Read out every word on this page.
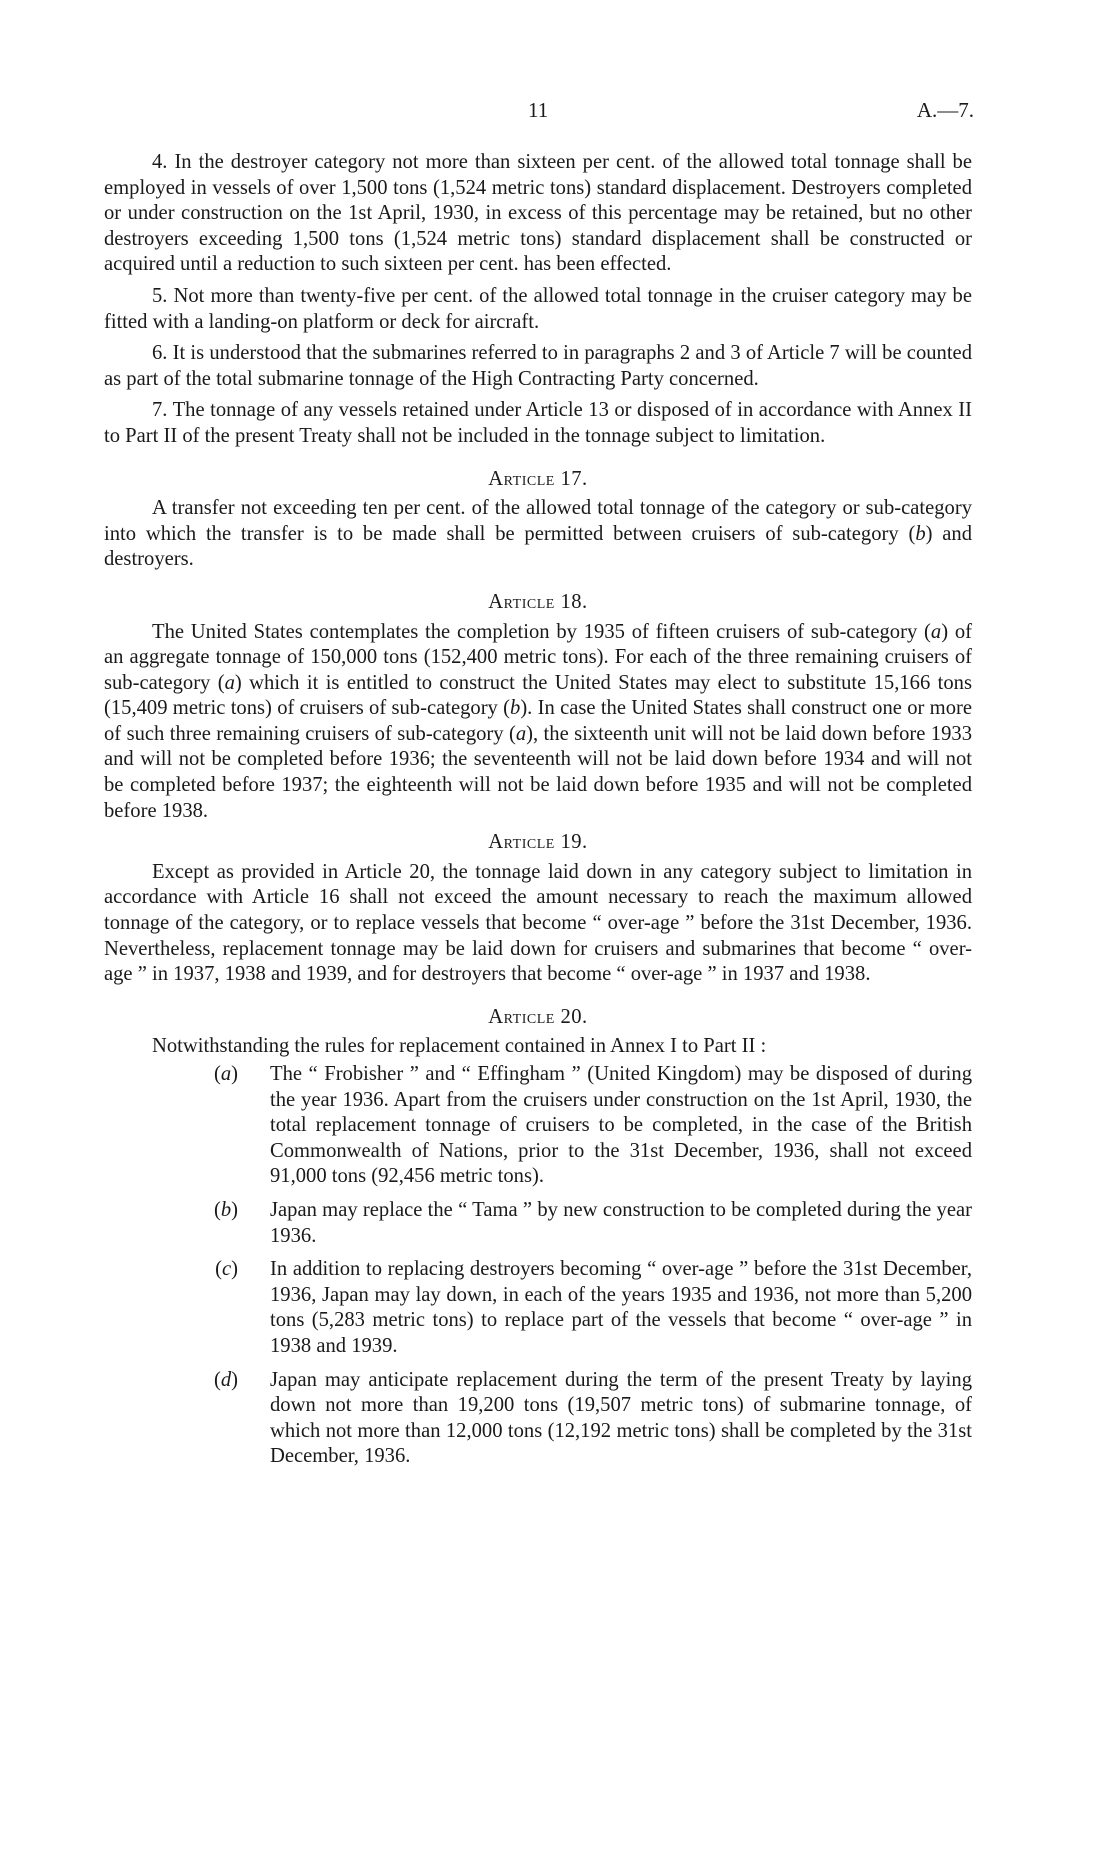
11	A.—7.

4. In the destroyer category not more than sixteen per cent. of the allowed total tonnage shall be employed in vessels of over 1,500 tons (1,524 metric tons) standard displacement. Destroyers completed or under construction on the 1st April, 1930, in excess of this percentage may be retained, but no other destroyers exceeding 1,500 tons (1,524 metric tons) standard displacement shall be constructed or acquired until a reduction to such sixteen per cent. has been effected.

5. Not more than twenty-five per cent. of the allowed total tonnage in the cruiser category may be fitted with a landing-on platform or deck for aircraft.

6. It is understood that the submarines referred to in paragraphs 2 and 3 of Article 7 will be counted as part of the total submarine tonnage of the High Contracting Party concerned.

7. The tonnage of any vessels retained under Article 13 or disposed of in accordance with Annex II to Part II of the present Treaty shall not be included in the tonnage subject to limitation.

Article 17.

A transfer not exceeding ten per cent. of the allowed total tonnage of the category or sub-category into which the transfer is to be made shall be permitted between cruisers of sub-category (b) and destroyers.

Article 18.

The United States contemplates the completion by 1935 of fifteen cruisers of sub-category (a) of an aggregate tonnage of 150,000 tons (152,400 metric tons). For each of the three remaining cruisers of sub-category (a) which it is entitled to construct the United States may elect to substitute 15,166 tons (15,409 metric tons) of cruisers of sub-category (b). In case the United States shall construct one or more of such three remaining cruisers of sub-category (a), the sixteenth unit will not be laid down before 1933 and will not be completed before 1936; the seventeenth will not be laid down before 1934 and will not be completed before 1937; the eighteenth will not be laid down before 1935 and will not be completed before 1938.

Article 19.

Except as provided in Article 20, the tonnage laid down in any category subject to limitation in accordance with Article 16 shall not exceed the amount necessary to reach the maximum allowed tonnage of the category, or to replace vessels that become “ over-age ” before the 31st December, 1936. Nevertheless, replacement tonnage may be laid down for cruisers and submarines that become “ over-age ” in 1937, 1938 and 1939, and for destroyers that become “ over-age ” in 1937 and 1938.

Article 20.

Notwithstanding the rules for replacement contained in Annex I to Part II :

(a) The “ Frobisher ” and “ Effingham ” (United Kingdom) may be disposed of during the year 1936. Apart from the cruisers under construction on the 1st April, 1930, the total replacement tonnage of cruisers to be completed, in the case of the British Commonwealth of Nations, prior to the 31st December, 1936, shall not exceed 91,000 tons (92,456 metric tons).
(b) Japan may replace the “ Tama ” by new construction to be completed during the year 1936.
(c) In addition to replacing destroyers becoming “ over-age ” before the 31st December, 1936, Japan may lay down, in each of the years 1935 and 1936, not more than 5,200 tons (5,283 metric tons) to replace part of the vessels that become “ over-age ” in 1938 and 1939.
(d) Japan may anticipate replacement during the term of the present Treaty by laying down not more than 19,200 tons (19,507 metric tons) of submarine tonnage, of which not more than 12,000 tons (12,192 metric tons) shall be completed by the 31st December, 1936.
